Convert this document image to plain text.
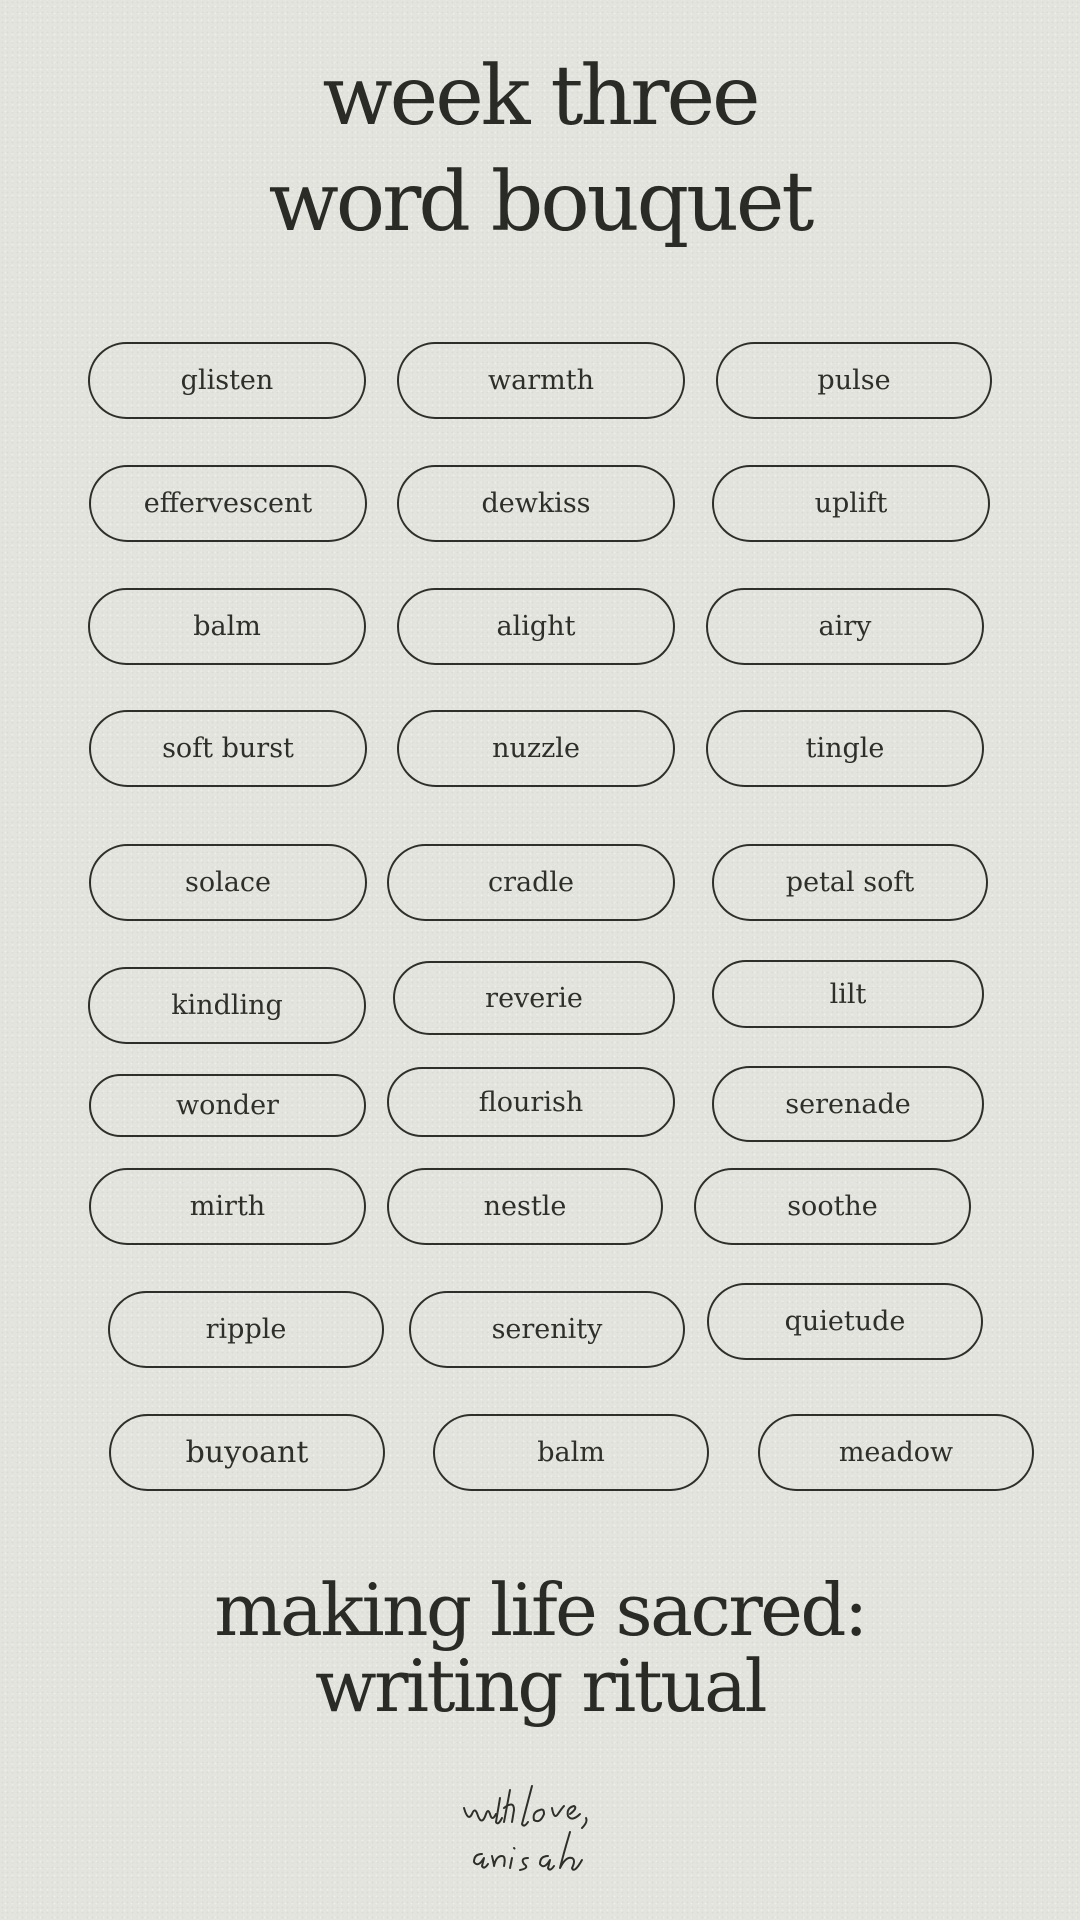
week three
word bouquet
glisten	warmth	pulse
effervescent	dewkiss	uplift
balm	alight	airy
soft burst	nuzzle	tingle
solace	cradle	petal soft
kindling	reverie	lilt
wonder	flourish	serenade
mirth	nestle	soothe
ripple	serenity	quietude
buyoant	balm	meadow
making life sacred:
writing ritual
